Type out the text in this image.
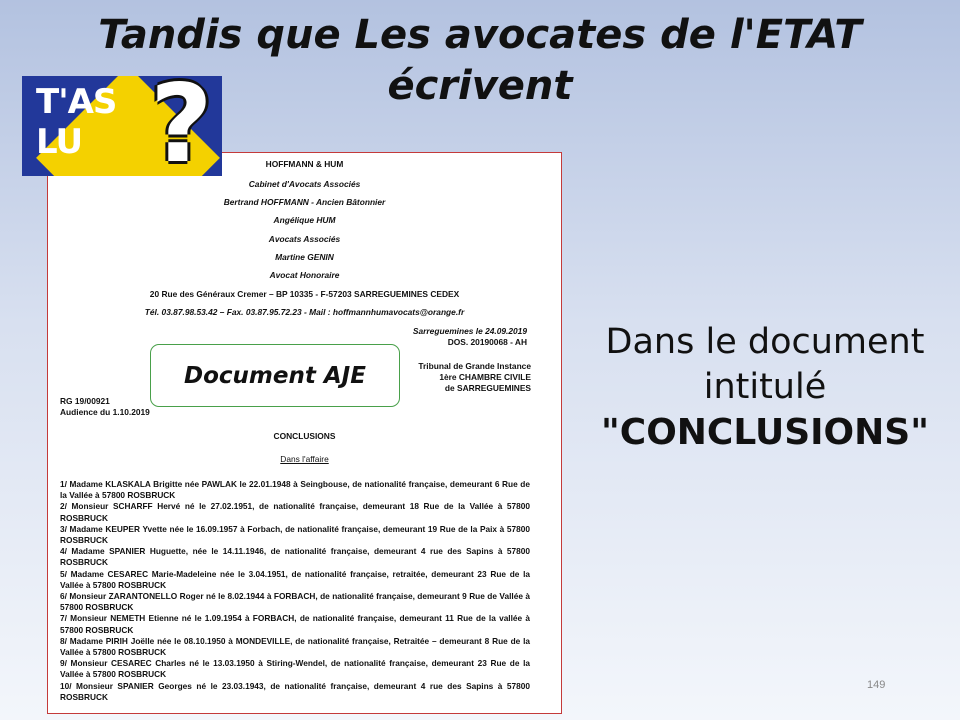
Tandis que Les avocates de l'ETAT
écrivent
HOFFMANN & HUM
Cabinet d'Avocats Associés
Bertrand HOFFMANN - Ancien Bâtonnier
Angélique HUM
Avocats Associés
Martine GENIN
Avocat Honoraire
20 Rue des Généraux Cremer – BP 10335 - F-57203 SARREGUEMINES CEDEX
Tél. 03.87.98.53.42 – Fax. 03.87.95.72.23 - Mail : hoffmannhumavocats@orange.fr
Sarreguemines le 24.09.2019
DOS. 20190068 - AH
Tribunal de Grande Instance
1ère CHAMBRE CIVILE
de SARREGUEMINES
RG 19/00921
Audience du 1.10.2019
CONCLUSIONS
Dans l'affaire
1/ Madame KLASKALA Brigitte née PAWLAK le 22.01.1948 à Seingbouse, de nationalité française, demeurant 6 Rue de la Vallée à 57800 ROSBRUCK
2/ Monsieur SCHARFF Hervé né le 27.02.1951, de nationalité française, demeurant 18 Rue de la Vallée à 57800 ROSBRUCK
3/ Madame KEUPER Yvette née le 16.09.1957 à Forbach, de nationalité française, demeurant 19 Rue de la Paix à 57800 ROSBRUCK
4/ Madame SPANIER Huguette, née le 14.11.1946, de nationalité française, demeurant 4 rue des Sapins à 57800 ROSBRUCK
5/ Madame CESAREC Marie-Madeleine née le 3.04.1951, de nationalité française, retraitée, demeurant 23 Rue de la Vallée à 57800 ROSBRUCK
6/ Monsieur ZARANTONELLO Roger né le 8.02.1944 à FORBACH, de nationalité française, demeurant 9 Rue de Vallée à 57800 ROSBRUCK
7/ Monsieur NEMETH Etienne né le 1.09.1954 à FORBACH, de nationalité française, demeurant 11 Rue de la vallée à 57800 ROSBRUCK
8/ Madame PIRIH Joëlle née le 08.10.1950 à MONDEVILLE, de nationalité française, Retraitée – demeurant 8 Rue de la Vallée à 57800 ROSBRUCK
9/ Monsieur CESAREC Charles né le 13.03.1950 à Stiring-Wendel, de nationalité française, demeurant 23 Rue de la Vallée à 57800 ROSBRUCK
10/ Monsieur SPANIER Georges né le 23.03.1943, de nationalité française, demeurant 4 rue des Sapins à 57800 ROSBRUCK
T'AS
LU ?
Document AJE
Dans le document
intitulé
"CONCLUSIONS"
149
